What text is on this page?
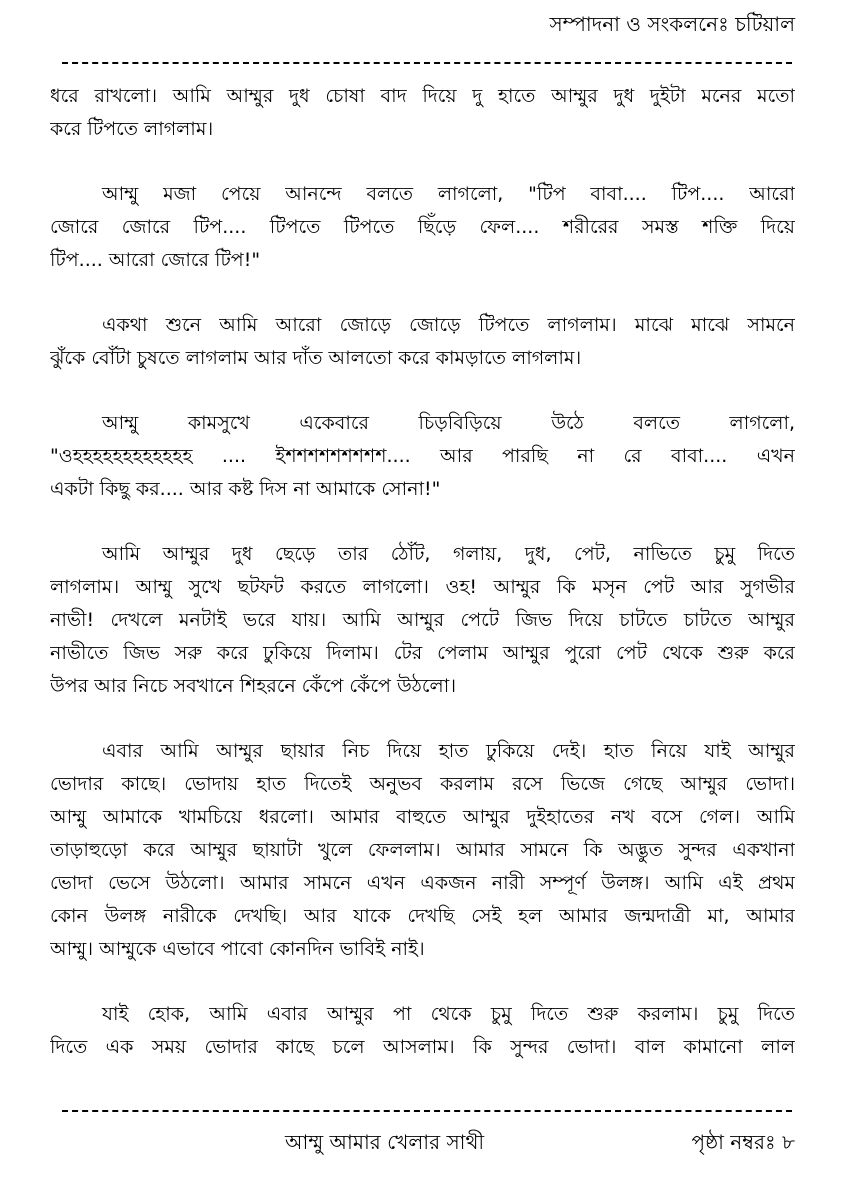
সম্পাদনা ও সংকলনেঃ চটিয়াল
ধরে রাখলো। আমি আম্মুর দুধ চোষা বাদ দিয়ে দু হাতে আম্মুর দুধ দুইটা মনের মতো
করে টিপতে লাগলাম।
আম্মু মজা পেয়ে আনন্দে বলতে লাগলো, "টিপ বাবা.... টিপ.... আরো
জোরে জোরে টিপ.... টিপতে টিপতে ছিঁড়ে ফেল.... শরীরের সমস্ত শক্তি দিয়ে
টিপ.... আরো জোরে টিপ!"
একথা শুনে আমি আরো জোড়ে জোড়ে টিপতে লাগলাম। মাঝে মাঝে সামনে
ঝুঁকে বোঁটা চুষতে লাগলাম আর দাঁত আলতো করে কামড়াতে লাগলাম।
আম্মু কামসুখে একেবারে চিড়বিড়িয়ে উঠে বলতে লাগলো,
"ওহহহহহহহহহহহহ .... ইশশশশশশশশশ.... আর পারছি না রে বাবা.... এখন
একটা কিছু কর.... আর কষ্ট দিস না আমাকে সোনা!"
আমি আম্মুর দুধ ছেড়ে তার ঠোঁট, গলায়, দুধ, পেট, নাভিতে চুমু দিতে
লাগলাম। আম্মু সুখে ছটফট করতে লাগলো। ওহ! আম্মুর কি মসৃন পেট আর সুগভীর
নাভী! দেখলে মনটাই ভরে যায়। আমি আম্মুর পেটে জিভ দিয়ে চাটতে চাটতে আম্মুর
নাভীতে জিভ সরু করে ঢুকিয়ে দিলাম। টের পেলাম আম্মুর পুরো পেট থেকে শুরু করে
উপর আর নিচে সবখানে শিহরনে কেঁপে কেঁপে উঠলো।
এবার আমি আম্মুর ছায়ার নিচ দিয়ে হাত ঢুকিয়ে দেই। হাত নিয়ে যাই আম্মুর
ভোদার কাছে। ভোদায় হাত দিতেই অনুভব করলাম রসে ভিজে গেছে আম্মুর ভোদা।
আম্মু আমাকে খামচিয়ে ধরলো। আমার বাহুতে আম্মুর দুইহাতের নখ বসে গেল। আমি
তাড়াহুড়ো করে আম্মুর ছায়াটা খুলে ফেললাম। আমার সামনে কি অদ্ভুত সুন্দর একখানা
ভোদা ভেসে উঠলো। আমার সামনে এখন একজন নারী সম্পূর্ণ উলঙ্গ। আমি এই প্রথম
কোন উলঙ্গ নারীকে দেখছি। আর যাকে দেখছি সেই হল আমার জন্মদাত্রী মা, আমার
আম্মু। আম্মুকে এভাবে পাবো কোনদিন ভাবিই নাই।
যাই হোক, আমি এবার আম্মুর পা থেকে চুমু দিতে শুরু করলাম। চুমু দিতে
দিতে এক সময় ভোদার কাছে চলে আসলাম। কি সুন্দর ভোদা। বাল কামানো লাল
আম্মু আমার খেলার সাথী	পৃষ্ঠা নম্বরঃ ৮
